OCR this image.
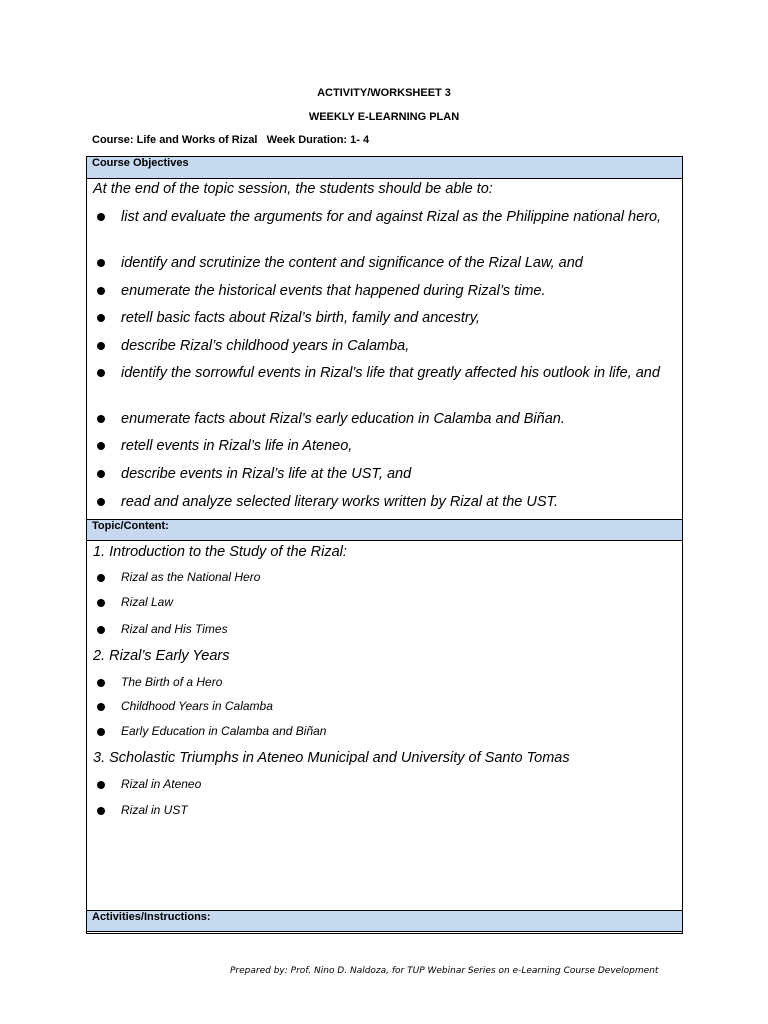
ACTIVITY/WORKSHEET 3
WEEKLY E-LEARNING PLAN
Course: Life and Works of Rizal   Week Duration: 1- 4
Course Objectives
At the end of the topic session, the students should be able to:
list and evaluate the arguments for and against Rizal as the Philippine national hero,
identify and scrutinize the content and significance of the Rizal Law, and
enumerate the historical events that happened during Rizal’s time.
retell basic facts about Rizal’s birth, family and ancestry,
describe Rizal’s childhood years in Calamba,
identify the sorrowful events in Rizal’s life that greatly affected his outlook in life, and
enumerate facts about Rizal’s early education in Calamba and Biñan.
retell events in Rizal’s life in Ateneo,
describe events in Rizal’s life at the UST, and
read and analyze selected literary works written by Rizal at the UST.
Topic/Content:
1. Introduction to the Study of the Rizal:
Rizal as the National Hero
Rizal Law
Rizal and His Times
2. Rizal’s Early Years
The Birth of a Hero
Childhood Years in Calamba
Early Education in Calamba and Biñan
3. Scholastic Triumphs in Ateneo Municipal and University of Santo Tomas
Rizal in Ateneo
Rizal in UST
Activities/Instructions:
Prepared by: Prof. Nino D. Naldoza, for TUP Webinar Series on e-Learning Course Development
